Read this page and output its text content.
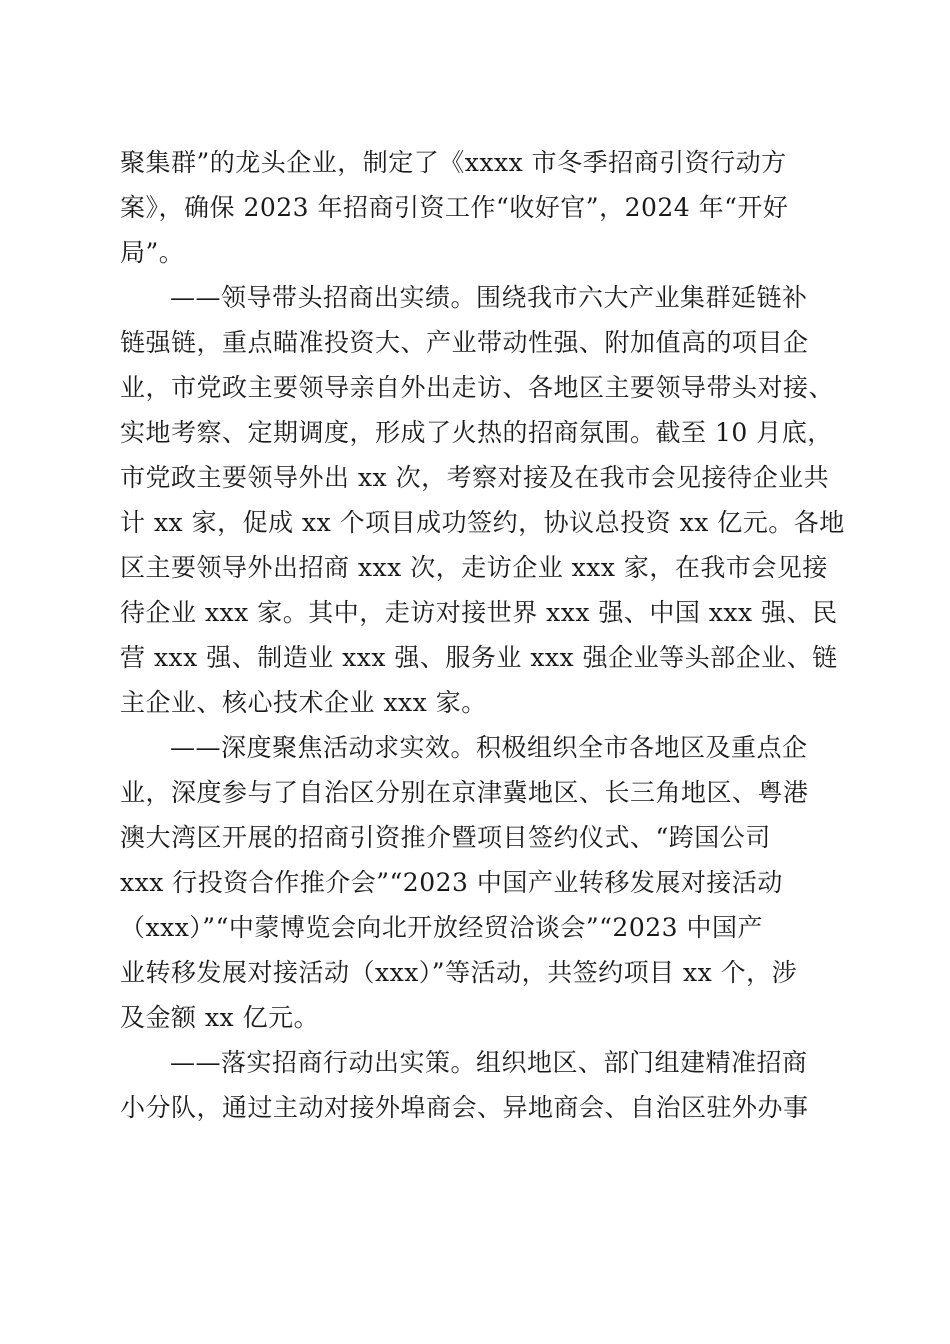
聚集群”的龙头企业，制定了《xxxx 市冬季招商引资行动方
案》，确保 2023 年招商引资工作“收好官”，2024 年“开好
局”。
——领导带头招商出实绩。围绕我市六大产业集群延链补
链强链，重点瞄准投资大、产业带动性强、附加值高的项目企
业，市党政主要领导亲自外出走访、各地区主要领导带头对接、
实地考察、定期调度，形成了火热的招商氛围。截至 10 月底，
市党政主要领导外出 xx 次，考察对接及在我市会见接待企业共
计 xx 家，促成 xx 个项目成功签约，协议总投资 xx 亿元。各地
区主要领导外出招商 xxx 次，走访企业 xxx 家，在我市会见接
待企业 xxx 家。其中，走访对接世界 xxx 强、中国 xxx 强、民
营 xxx 强、制造业 xxx 强、服务业 xxx 强企业等头部企业、链
主企业、核心技术企业 xxx 家。
——深度聚焦活动求实效。积极组织全市各地区及重点企
业，深度参与了自治区分别在京津冀地区、长三角地区、粤港
澳大湾区开展的招商引资推介暨项目签约仪式、“跨国公司
xxx 行投资合作推介会”“2023 中国产业转移发展对接活动
（xxx）”“中蒙博览会向北开放经贸洽谈会”“2023 中国产
业转移发展对接活动（xxx）”等活动，共签约项目 xx 个，涉
及金额 xx 亿元。
——落实招商行动出实策。组织地区、部门组建精准招商
小分队，通过主动对接外埠商会、异地商会、自治区驻外办事
